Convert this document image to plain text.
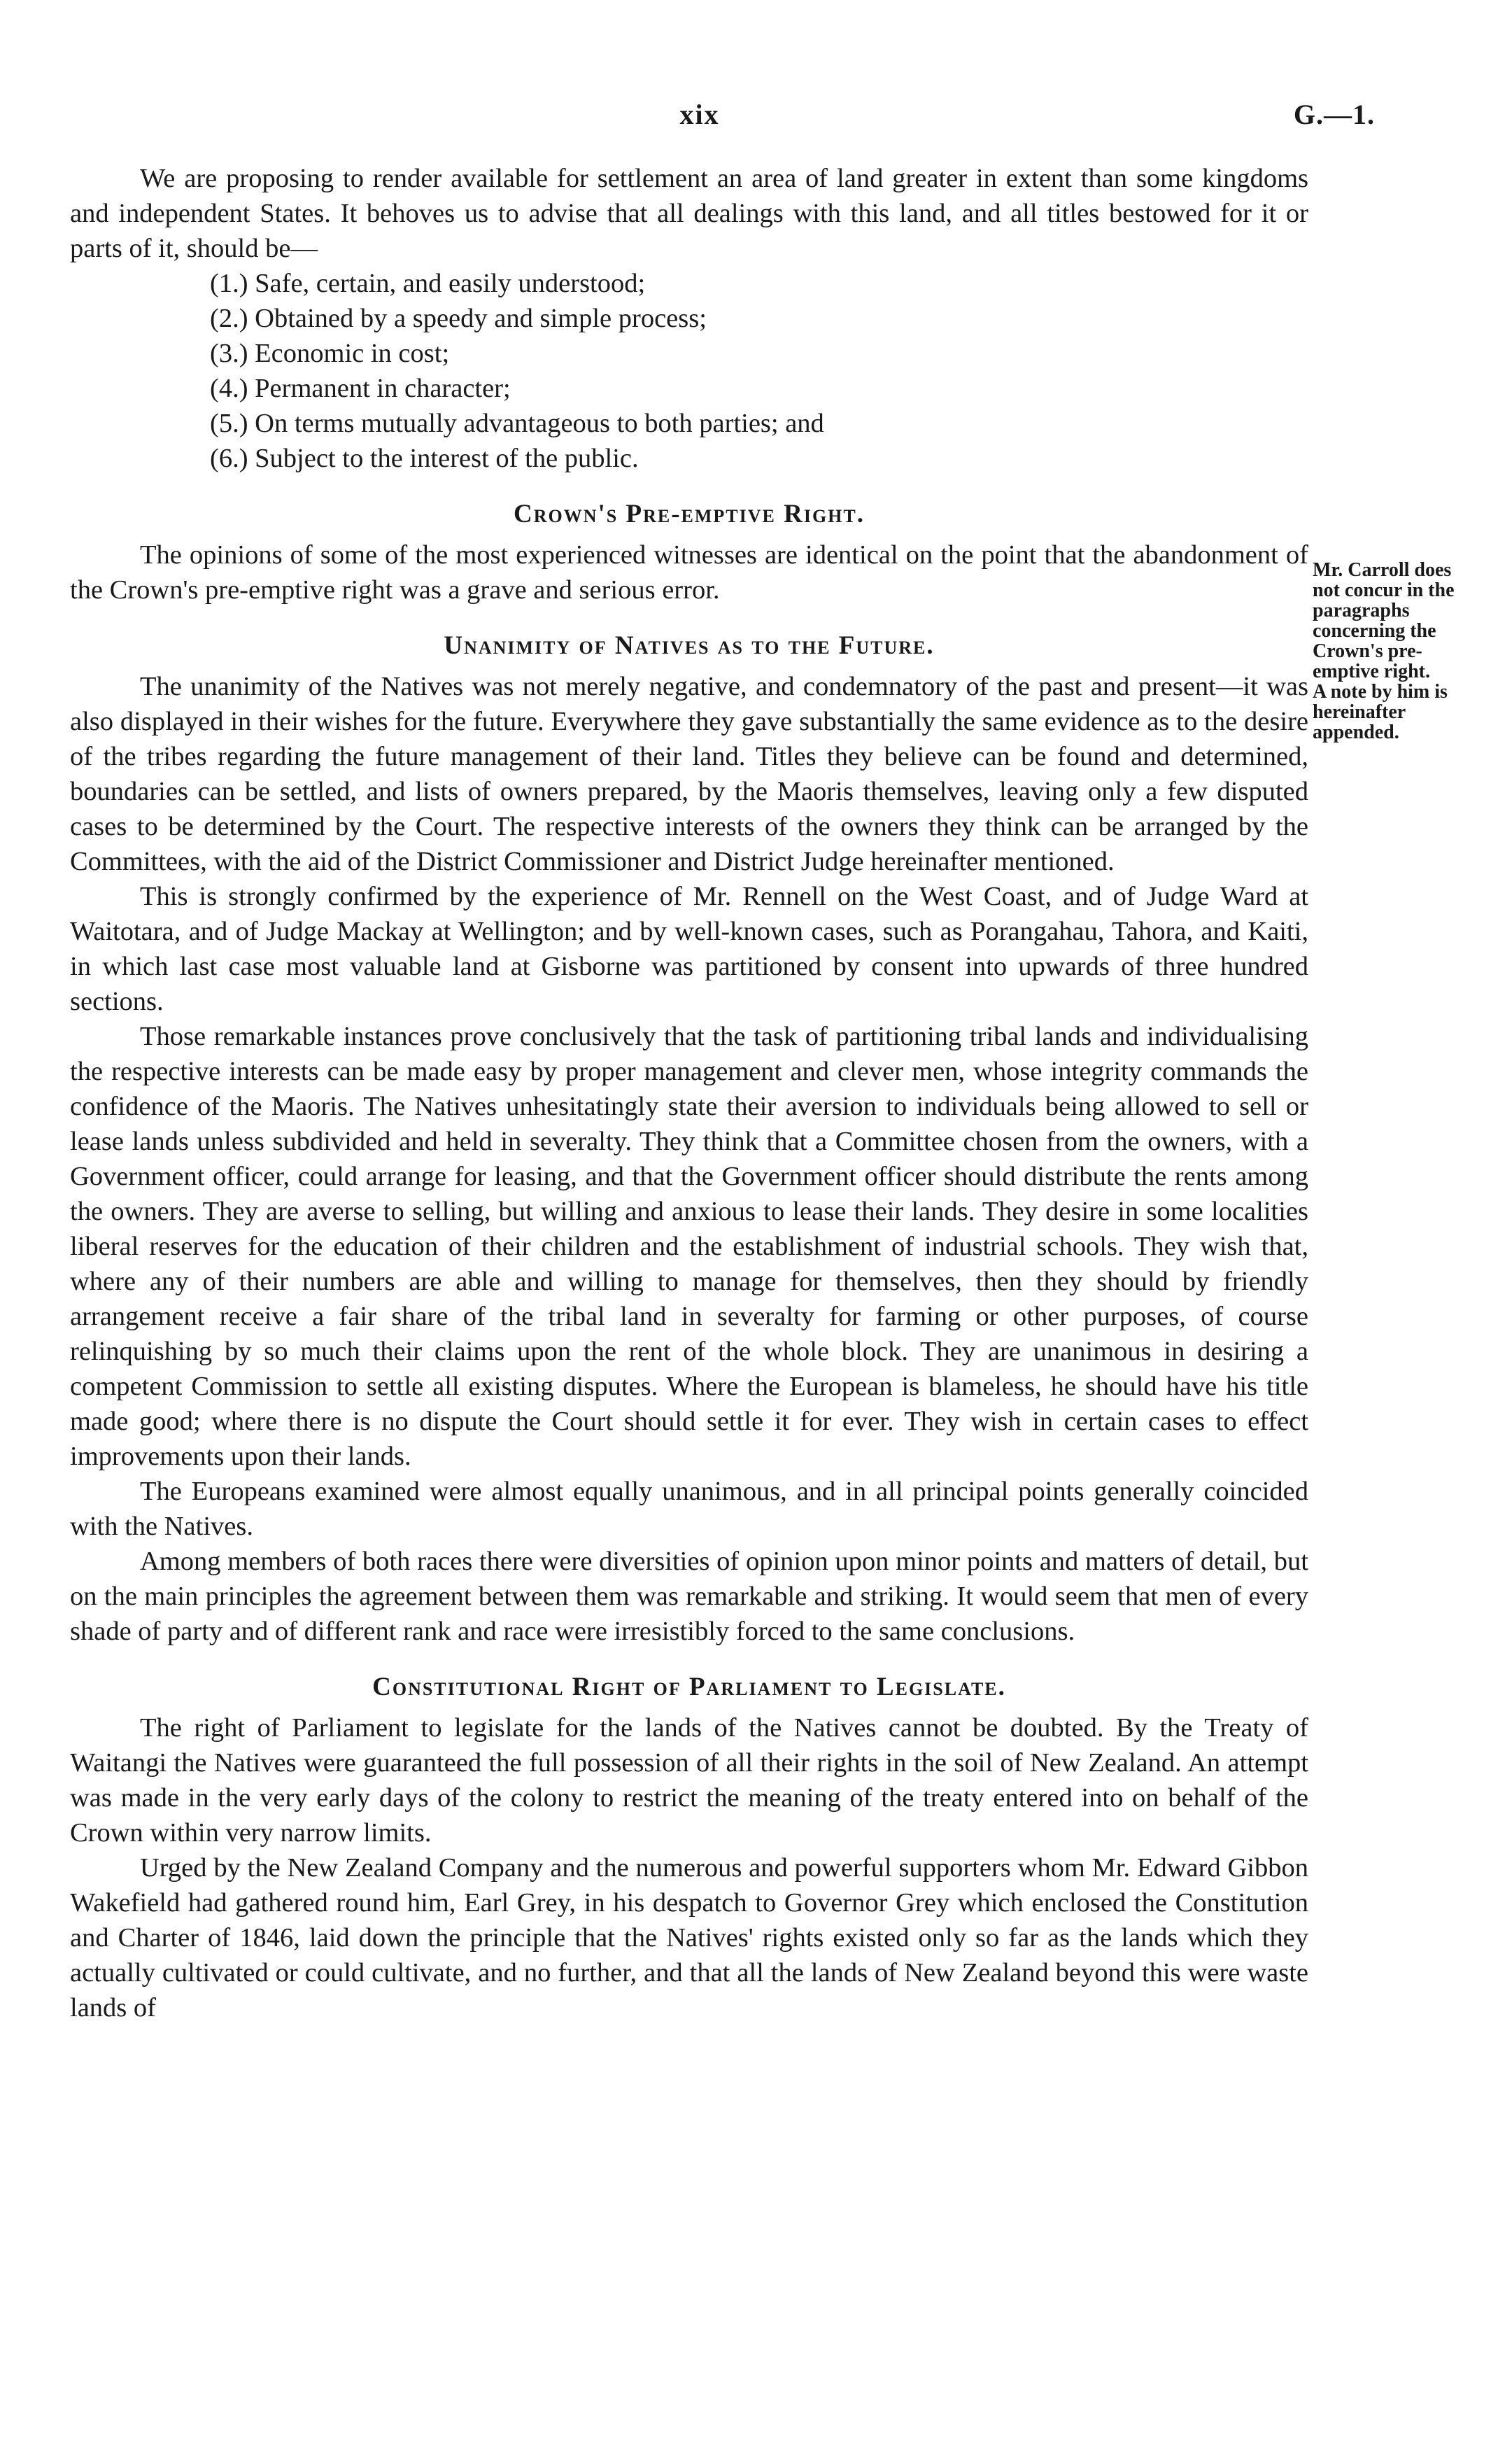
xix	G.—1.

We are proposing to render available for settlement an area of land greater in extent than some kingdoms and independent States. It behoves us to advise that all dealings with this land, and all titles bestowed for it or parts of it, should be—

(1.) Safe, certain, and easily understood;
(2.) Obtained by a speedy and simple process;
(3.) Economic in cost;
(4.) Permanent in character;
(5.) On terms mutually advantageous to both parties; and
(6.) Subject to the interest of the public.
Crown's Pre-emptive Right.

The opinions of some of the most experienced witnesses are identical on the point that the abandonment of the Crown's pre-emptive right was a grave and serious error.

Unanimity of Natives as to the Future.

The unanimity of the Natives was not merely negative, and condemnatory of the past and present—it was also displayed in their wishes for the future. Everywhere they gave substantially the same evidence as to the desire of the tribes regarding the future management of their land. Titles they believe can be found and determined, boundaries can be settled, and lists of owners prepared, by the Maoris themselves, leaving only a few disputed cases to be determined by the Court. The respective interests of the owners they think can be arranged by the Committees, with the aid of the District Commissioner and District Judge hereinafter mentioned.

This is strongly confirmed by the experience of Mr. Rennell on the West Coast, and of Judge Ward at Waitotara, and of Judge Mackay at Wellington; and by well-known cases, such as Porangahau, Tahora, and Kaiti, in which last case most valuable land at Gisborne was partitioned by consent into upwards of three hundred sections.

Those remarkable instances prove conclusively that the task of partitioning tribal lands and individualising the respective interests can be made easy by proper management and clever men, whose integrity commands the confidence of the Maoris. The Natives unhesitatingly state their aversion to individuals being allowed to sell or lease lands unless subdivided and held in severalty. They think that a Committee chosen from the owners, with a Government officer, could arrange for leasing, and that the Government officer should distribute the rents among the owners. They are averse to selling, but willing and anxious to lease their lands. They desire in some localities liberal reserves for the education of their children and the establishment of industrial schools. They wish that, where any of their numbers are able and willing to manage for themselves, then they should by friendly arrangement receive a fair share of the tribal land in severalty for farming or other purposes, of course relinquishing by so much their claims upon the rent of the whole block. They are unanimous in desiring a competent Commission to settle all existing disputes. Where the European is blameless, he should have his title made good; where there is no dispute the Court should settle it for ever. They wish in certain cases to effect improvements upon their lands.

The Europeans examined were almost equally unanimous, and in all principal points generally coincided with the Natives.

Among members of both races there were diversities of opinion upon minor points and matters of detail, but on the main principles the agreement between them was remarkable and striking. It would seem that men of every shade of party and of different rank and race were irresistibly forced to the same conclusions.

Constitutional Right of Parliament to Legislate.

The right of Parliament to legislate for the lands of the Natives cannot be doubted. By the Treaty of Waitangi the Natives were guaranteed the full possession of all their rights in the soil of New Zealand. An attempt was made in the very early days of the colony to restrict the meaning of the treaty entered into on behalf of the Crown within very narrow limits.

Urged by the New Zealand Company and the numerous and powerful supporters whom Mr. Edward Gibbon Wakefield had gathered round him, Earl Grey, in his despatch to Governor Grey which enclosed the Constitution and Charter of 1846, laid down the principle that the Natives' rights existed only so far as the lands which they actually cultivated or could cultivate, and no further, and that all the lands of New Zealand beyond this were waste lands of

Mr. Carroll does not concur in the paragraphs concerning the Crown's pre-emptive right.

A note by him is hereinafter appended.
